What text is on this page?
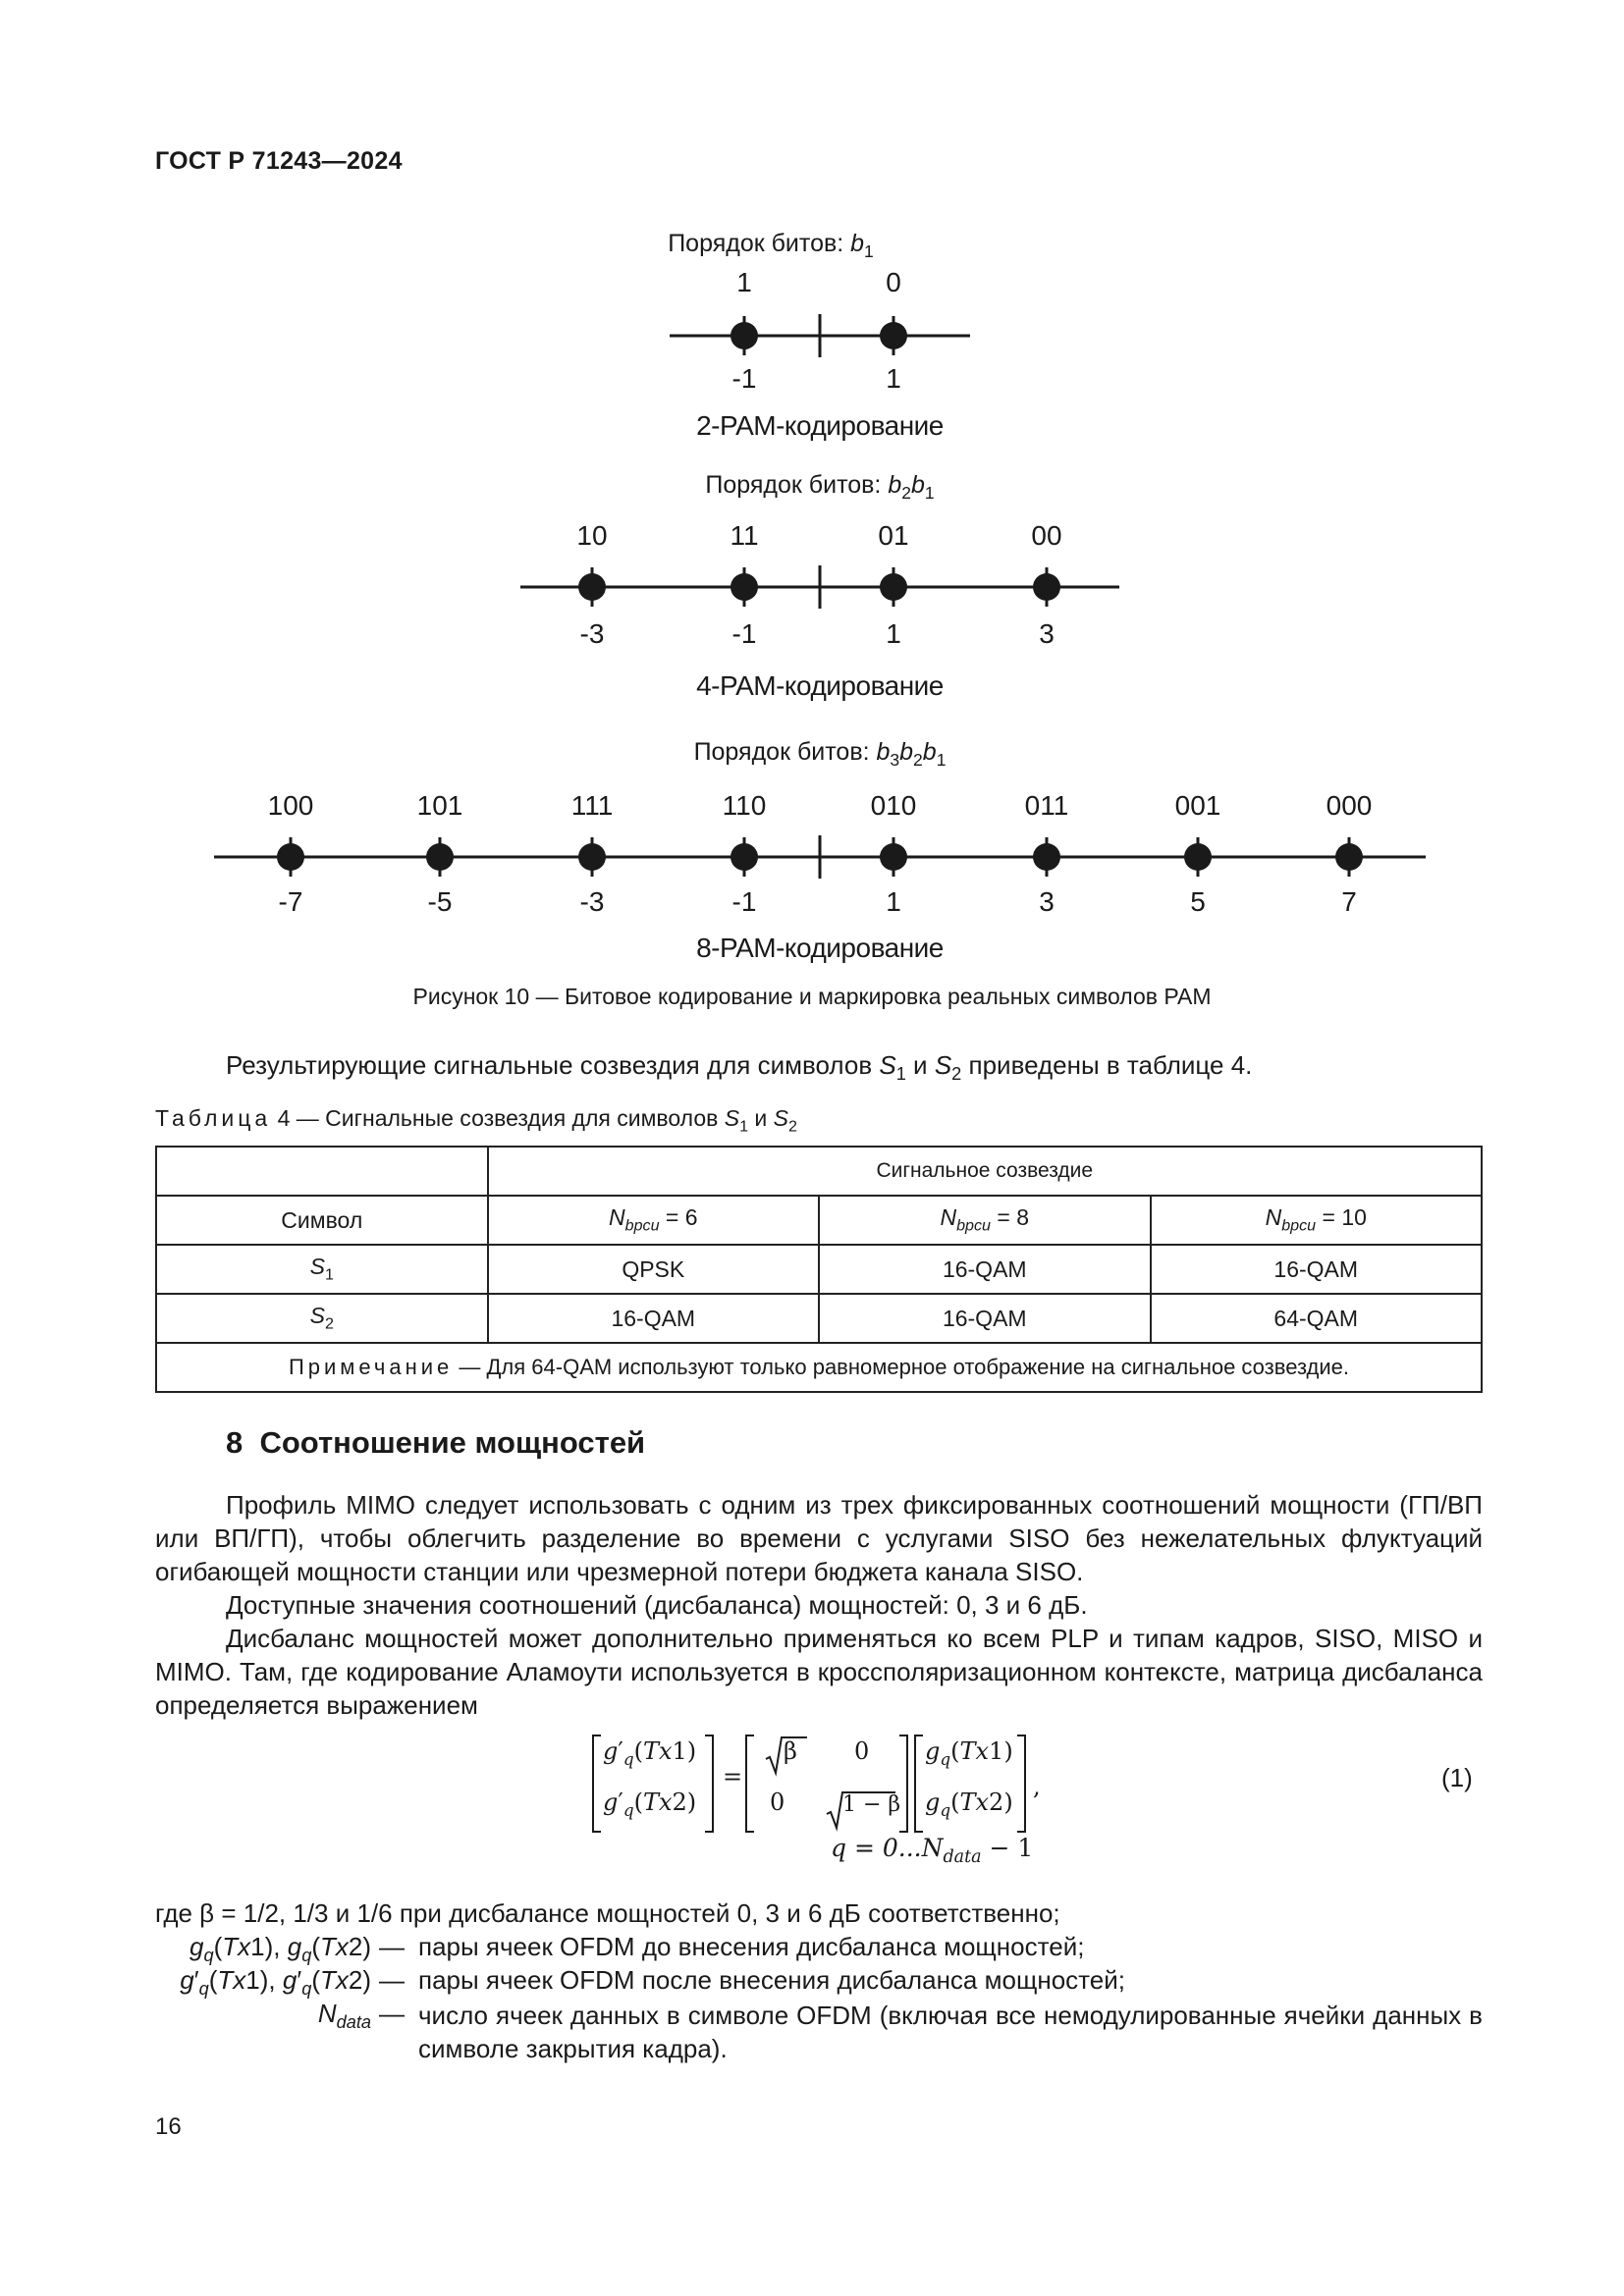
ГОСТ Р 71243—2024
Порядок битов: $b_1$
1	0
-1	1
2-PAM-кодирование
Порядок битов: $b_2b_1$
10	11	01	00
-3	-1	1	3
4-PAM-кодирование
Порядок битов: $b_3b_2b_1$
100	101	111	110	010	011	001	000
-7	-5	-3	-1	1	3	5	7
8-PAM-кодирование
Рисунок 10 — Битовое кодирование и маркировка реальных символов PAM
Результирующие сигнальные созвездия для символов $S_1$ и $S_2$ приведены в таблице 4.
Таблица 4 — Сигнальные созвездия для символов $S_1$ и $S_2$
	Сигнальное созвездие		
Символ	$N_{bpcu} = 6$	$N_{bpcu} = 8$	$N_{bpcu} = 10$
$S_1$	QPSK	16-QAM	16-QAM
$S_2$	16-QAM	16-QAM	64-QAM
Примечание — Для 64-QAM используют только равномерное отображение на сигнальное созвездие.			
8 Соотношение мощностей
Профиль MIMO следует использовать с одним из трех фиксированных соотношений мощности (ГП/ВП или ВП/ГП), чтобы облегчить разделение во времени с услугами SISO без нежелательных флуктуаций огибающей мощности станции или чрезмерной потери бюджета канала SISO.
Доступные значения соотношений (дисбаланса) мощностей: 0, 3 и 6 дБ.
Дисбаланс мощностей может дополнительно применяться ко всем PLP и типам кадров, SISO, MISO и MIMO. Там, где кодирование Аламоути используется в кроссполяризационном контексте, матрица дисбаланса определяется выражением
$g'_q(Tx1)$
$g'_q(Tx2)$
=
β 0
0	1 − β
$g_q(Tx1)$
$g_q(Tx2)$
,	(1)
$q = 0...N_{data} - 1$
где β = 1/2, 1/3 и 1/6 при дисбалансе мощностей 0, 3 и 6 дБ соответственно;
$g_q(Tx1)$, $g_q(Tx2)$ — пары ячеек OFDM до внесения дисбаланса мощностей;
$g'_q(Tx1)$, $g'_q(Tx2)$ — пары ячеек OFDM после внесения дисбаланса мощностей;
$N_{data}$ — число ячеек данных в символе OFDM (включая все немодулированные ячейки данных в символе закрытия кадра).
16
